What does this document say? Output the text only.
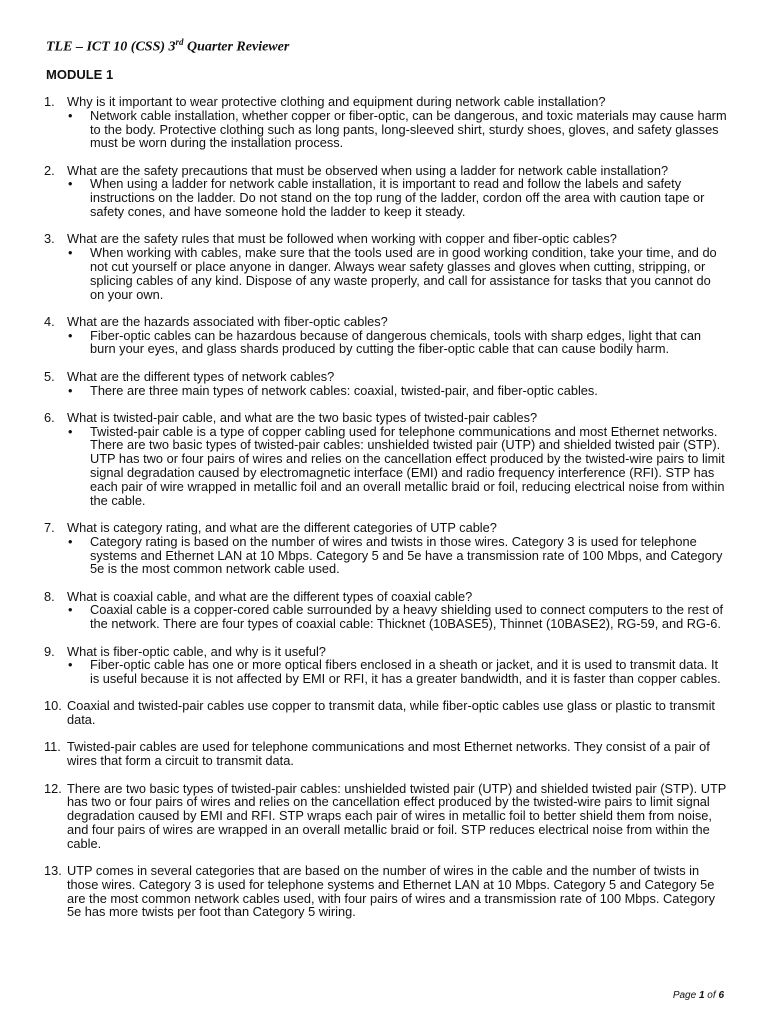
TLE – ICT 10 (CSS) 3rd Quarter Reviewer
MODULE 1
1. Why is it important to wear protective clothing and equipment during network cable installation?
• Network cable installation, whether copper or fiber-optic, can be dangerous, and toxic materials may cause harm to the body. Protective clothing such as long pants, long-sleeved shirt, sturdy shoes, gloves, and safety glasses must be worn during the installation process.
2. What are the safety precautions that must be observed when using a ladder for network cable installation?
• When using a ladder for network cable installation, it is important to read and follow the labels and safety instructions on the ladder. Do not stand on the top rung of the ladder, cordon off the area with caution tape or safety cones, and have someone hold the ladder to keep it steady.
3. What are the safety rules that must be followed when working with copper and fiber-optic cables?
• When working with cables, make sure that the tools used are in good working condition, take your time, and do not cut yourself or place anyone in danger. Always wear safety glasses and gloves when cutting, stripping, or splicing cables of any kind. Dispose of any waste properly, and call for assistance for tasks that you cannot do on your own.
4. What are the hazards associated with fiber-optic cables?
• Fiber-optic cables can be hazardous because of dangerous chemicals, tools with sharp edges, light that can burn your eyes, and glass shards produced by cutting the fiber-optic cable that can cause bodily harm.
5. What are the different types of network cables?
• There are three main types of network cables: coaxial, twisted-pair, and fiber-optic cables.
6. What is twisted-pair cable, and what are the two basic types of twisted-pair cables?
• Twisted-pair cable is a type of copper cabling used for telephone communications and most Ethernet networks. There are two basic types of twisted-pair cables: unshielded twisted pair (UTP) and shielded twisted pair (STP). UTP has two or four pairs of wires and relies on the cancellation effect produced by the twisted-wire pairs to limit signal degradation caused by electromagnetic interface (EMI) and radio frequency interference (RFI). STP has each pair of wire wrapped in metallic foil and an overall metallic braid or foil, reducing electrical noise from within the cable.
7. What is category rating, and what are the different categories of UTP cable?
• Category rating is based on the number of wires and twists in those wires. Category 3 is used for telephone systems and Ethernet LAN at 10 Mbps. Category 5 and 5e have a transmission rate of 100 Mbps, and Category 5e is the most common network cable used.
8. What is coaxial cable, and what are the different types of coaxial cable?
• Coaxial cable is a copper-cored cable surrounded by a heavy shielding used to connect computers to the rest of the network. There are four types of coaxial cable: Thicknet (10BASE5), Thinnet (10BASE2), RG-59, and RG-6.
9. What is fiber-optic cable, and why is it useful?
• Fiber-optic cable has one or more optical fibers enclosed in a sheath or jacket, and it is used to transmit data. It is useful because it is not affected by EMI or RFI, it has a greater bandwidth, and it is faster than copper cables.
10. Coaxial and twisted-pair cables use copper to transmit data, while fiber-optic cables use glass or plastic to transmit data.
11. Twisted-pair cables are used for telephone communications and most Ethernet networks. They consist of a pair of wires that form a circuit to transmit data.
12. There are two basic types of twisted-pair cables: unshielded twisted pair (UTP) and shielded twisted pair (STP). UTP has two or four pairs of wires and relies on the cancellation effect produced by the twisted-wire pairs to limit signal degradation caused by EMI and RFI. STP wraps each pair of wires in metallic foil to better shield them from noise, and four pairs of wires are wrapped in an overall metallic braid or foil. STP reduces electrical noise from within the cable.
13. UTP comes in several categories that are based on the number of wires in the cable and the number of twists in those wires. Category 3 is used for telephone systems and Ethernet LAN at 10 Mbps. Category 5 and Category 5e are the most common network cables used, with four pairs of wires and a transmission rate of 100 Mbps. Category 5e has more twists per foot than Category 5 wiring.
Page 1 of 6
